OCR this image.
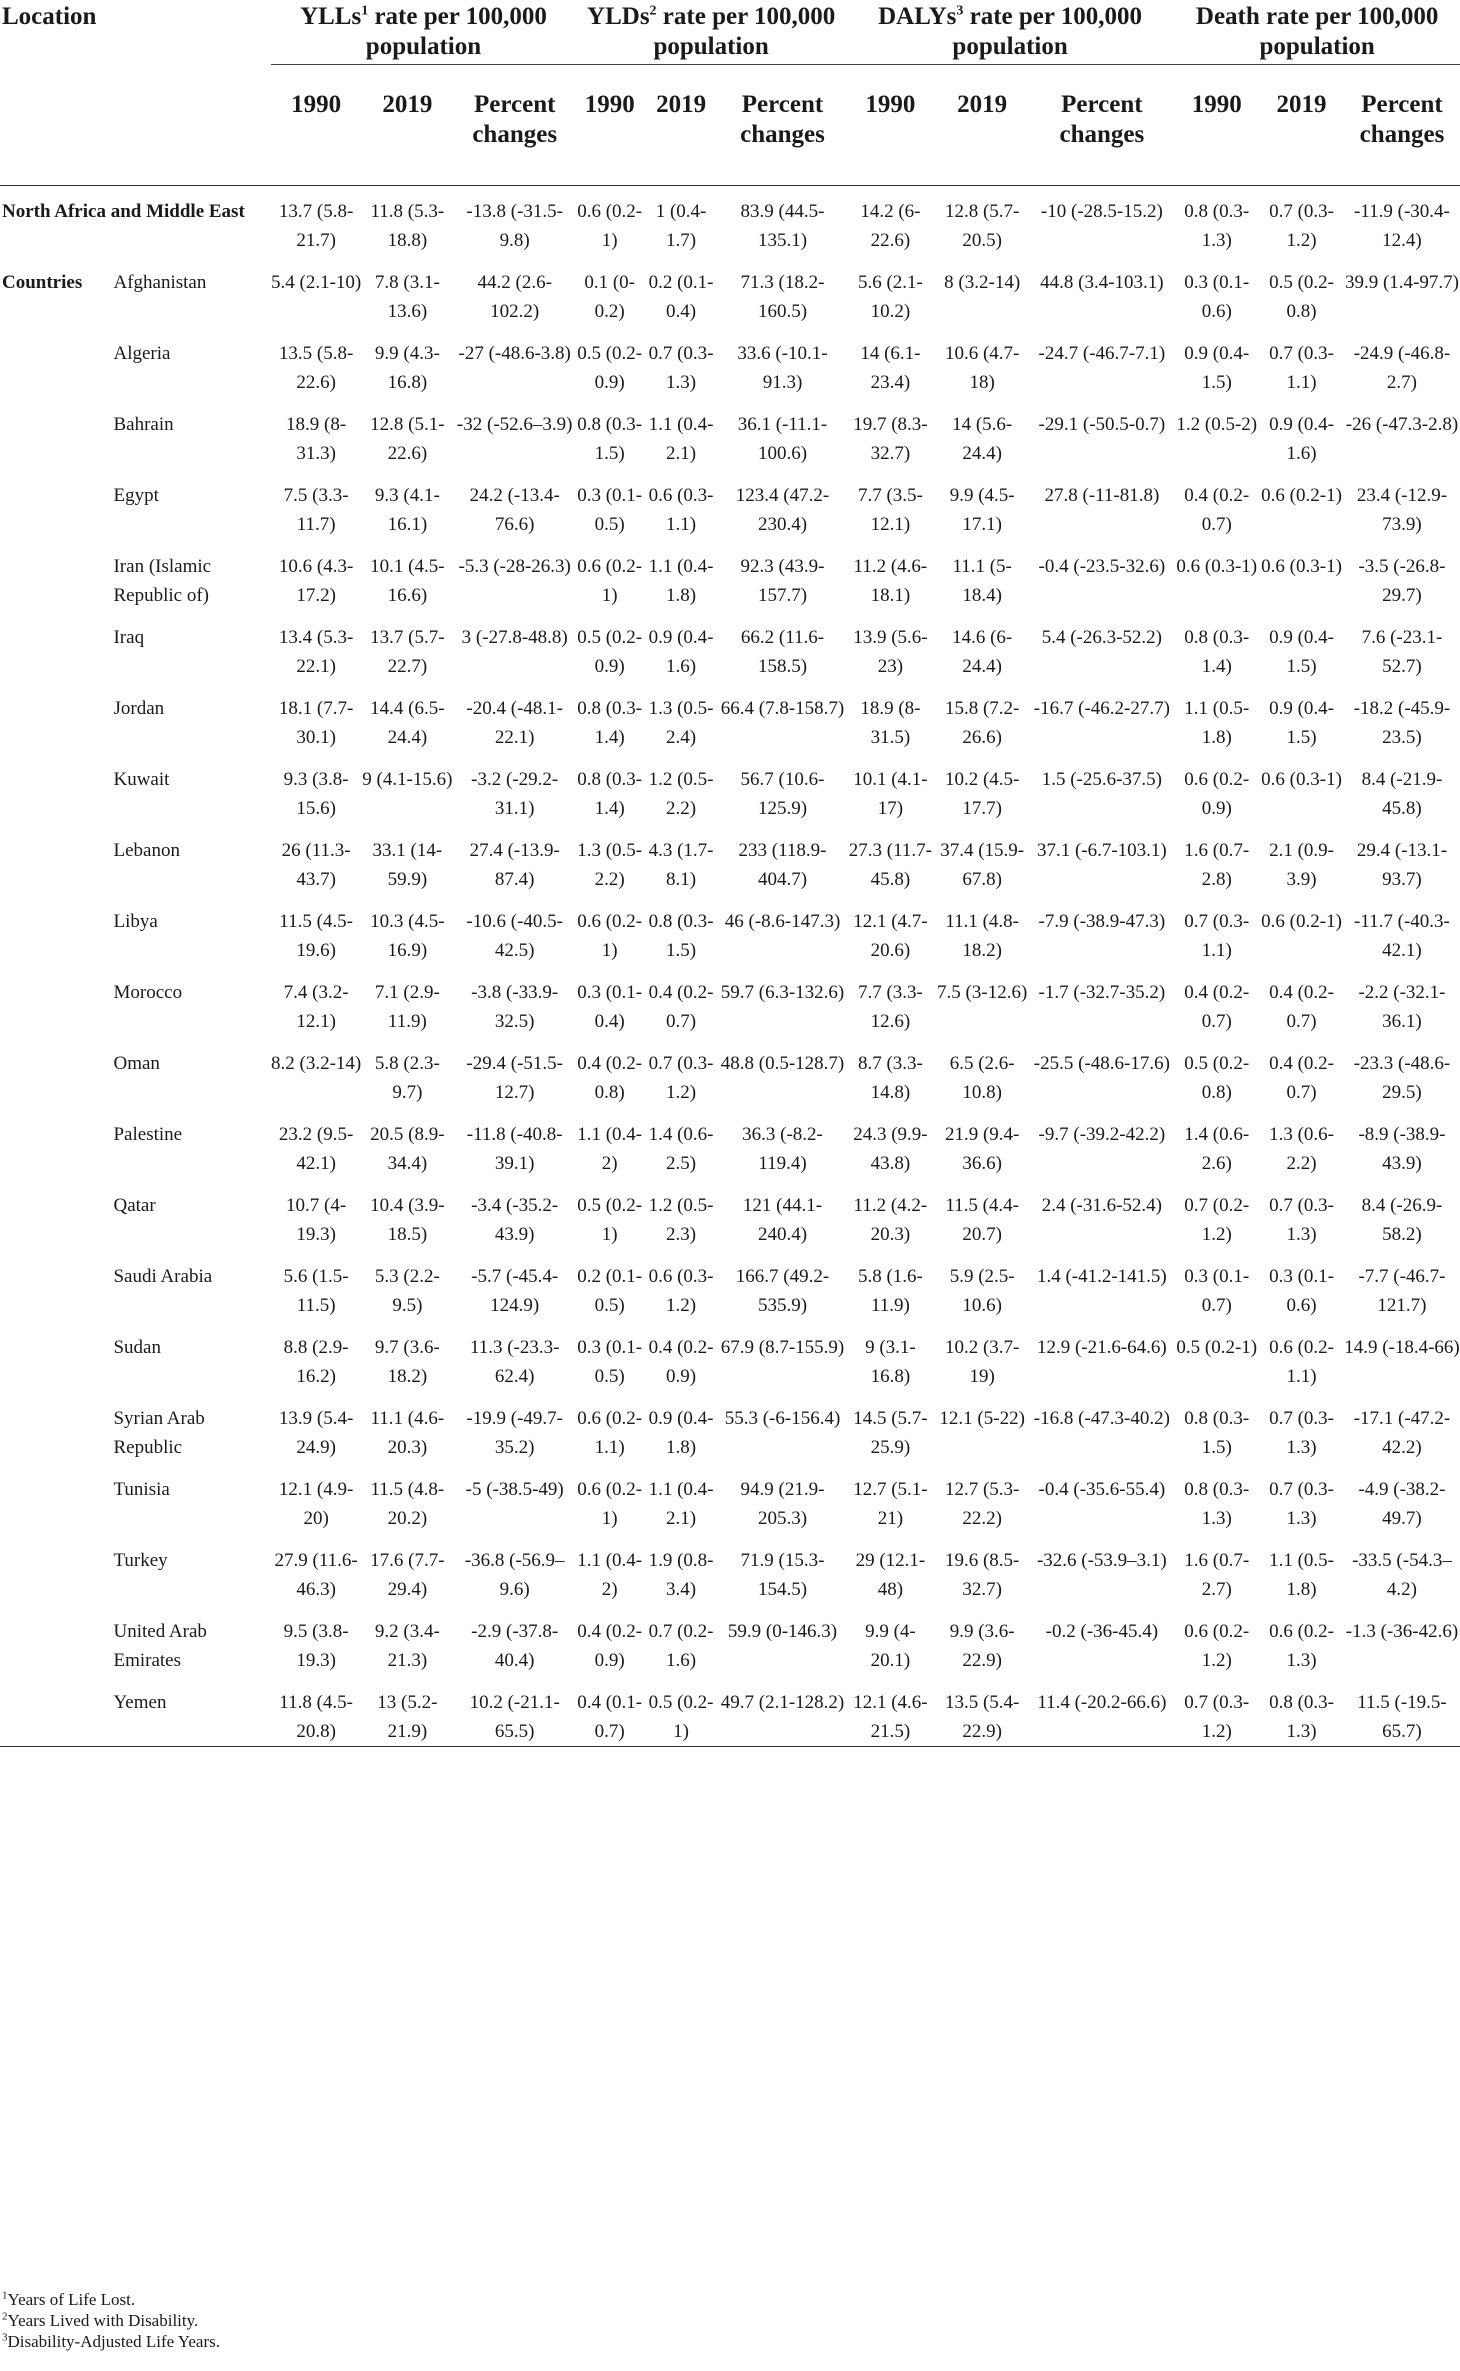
Location		YLLs$^1$ rate per 100,000 population			YLDs$^2$ rate per 100,000 population			DALYs$^3$ rate per 100,000 population			Death rate per 100,000 population		
		1990	2019	Percent changes	1990	2019	Percent changes	1990	2019	Percent changes	1990	2019	Percent changes

North Africa and Middle East		13.7 (5.8-21.7)	11.8 (5.3-18.8)	-13.8 (-31.5-9.8)	0.6 (0.2-1)	1 (0.4-1.7)	83.9 (44.5-135.1)	14.2 (6-22.6)	12.8 (5.7-20.5)	-10 (-28.5-15.2)	0.8 (0.3-1.3)	0.7 (0.3-1.2)	-11.9 (-30.4-12.4)
Countries	Afghanistan	5.4 (2.1-10)	7.8 (3.1-13.6)	44.2 (2.6-102.2)	0.1 (0-0.2)	0.2 (0.1-0.4)	71.3 (18.2-160.5)	5.6 (2.1-10.2)	8 (3.2-14)	44.8 (3.4-103.1)	0.3 (0.1-0.6)	0.5 (0.2-0.8)	39.9 (1.4-97.7)
	Algeria	13.5 (5.8-22.6)	9.9 (4.3-16.8)	-27 (-48.6-3.8)	0.5 (0.2-0.9)	0.7 (0.3-1.3)	33.6 (-10.1-91.3)	14 (6.1-23.4)	10.6 (4.7-18)	-24.7 (-46.7-7.1)	0.9 (0.4-1.5)	0.7 (0.3-1.1)	-24.9 (-46.8-2.7)
	Bahrain	18.9 (8-31.3)	12.8 (5.1-22.6)	-32 (-52.6–3.9)	0.8 (0.3-1.5)	1.1 (0.4-2.1)	36.1 (-11.1-100.6)	19.7 (8.3-32.7)	14 (5.6-24.4)	-29.1 (-50.5-0.7)	1.2 (0.5-2)	0.9 (0.4-1.6)	-26 (-47.3-2.8)
	Egypt	7.5 (3.3-11.7)	9.3 (4.1-16.1)	24.2 (-13.4-76.6)	0.3 (0.1-0.5)	0.6 (0.3-1.1)	123.4 (47.2-230.4)	7.7 (3.5-12.1)	9.9 (4.5-17.1)	27.8 (-11-81.8)	0.4 (0.2-0.7)	0.6 (0.2-1)	23.4 (-12.9-73.9)
	Iran (Islamic Republic of)	10.6 (4.3-17.2)	10.1 (4.5-16.6)	-5.3 (-28-26.3)	0.6 (0.2-1)	1.1 (0.4-1.8)	92.3 (43.9-157.7)	11.2 (4.6-18.1)	11.1 (5-18.4)	-0.4 (-23.5-32.6)	0.6 (0.3-1)	0.6 (0.3-1)	-3.5 (-26.8-29.7)
	Iraq	13.4 (5.3-22.1)	13.7 (5.7-22.7)	3 (-27.8-48.8)	0.5 (0.2-0.9)	0.9 (0.4-1.6)	66.2 (11.6-158.5)	13.9 (5.6-23)	14.6 (6-24.4)	5.4 (-26.3-52.2)	0.8 (0.3-1.4)	0.9 (0.4-1.5)	7.6 (-23.1-52.7)
	Jordan	18.1 (7.7-30.1)	14.4 (6.5-24.4)	-20.4 (-48.1-22.1)	0.8 (0.3-1.4)	1.3 (0.5-2.4)	66.4 (7.8-158.7)	18.9 (8-31.5)	15.8 (7.2-26.6)	-16.7 (-46.2-27.7)	1.1 (0.5-1.8)	0.9 (0.4-1.5)	-18.2 (-45.9-23.5)
	Kuwait	9.3 (3.8-15.6)	9 (4.1-15.6)	-3.2 (-29.2-31.1)	0.8 (0.3-1.4)	1.2 (0.5-2.2)	56.7 (10.6-125.9)	10.1 (4.1-17)	10.2 (4.5-17.7)	1.5 (-25.6-37.5)	0.6 (0.2-0.9)	0.6 (0.3-1)	8.4 (-21.9-45.8)
	Lebanon	26 (11.3-43.7)	33.1 (14-59.9)	27.4 (-13.9-87.4)	1.3 (0.5-2.2)	4.3 (1.7-8.1)	233 (118.9-404.7)	27.3 (11.7-45.8)	37.4 (15.9-67.8)	37.1 (-6.7-103.1)	1.6 (0.7-2.8)	2.1 (0.9-3.9)	29.4 (-13.1-93.7)
	Libya	11.5 (4.5-19.6)	10.3 (4.5-16.9)	-10.6 (-40.5-42.5)	0.6 (0.2-1)	0.8 (0.3-1.5)	46 (-8.6-147.3)	12.1 (4.7-20.6)	11.1 (4.8-18.2)	-7.9 (-38.9-47.3)	0.7 (0.3-1.1)	0.6 (0.2-1)	-11.7 (-40.3-42.1)
	Morocco	7.4 (3.2-12.1)	7.1 (2.9-11.9)	-3.8 (-33.9-32.5)	0.3 (0.1-0.4)	0.4 (0.2-0.7)	59.7 (6.3-132.6)	7.7 (3.3-12.6)	7.5 (3-12.6)	-1.7 (-32.7-35.2)	0.4 (0.2-0.7)	0.4 (0.2-0.7)	-2.2 (-32.1-36.1)
	Oman	8.2 (3.2-14)	5.8 (2.3-9.7)	-29.4 (-51.5-12.7)	0.4 (0.2-0.8)	0.7 (0.3-1.2)	48.8 (0.5-128.7)	8.7 (3.3-14.8)	6.5 (2.6-10.8)	-25.5 (-48.6-17.6)	0.5 (0.2-0.8)	0.4 (0.2-0.7)	-23.3 (-48.6-29.5)
	Palestine	23.2 (9.5-42.1)	20.5 (8.9-34.4)	-11.8 (-40.8-39.1)	1.1 (0.4-2)	1.4 (0.6-2.5)	36.3 (-8.2-119.4)	24.3 (9.9-43.8)	21.9 (9.4-36.6)	-9.7 (-39.2-42.2)	1.4 (0.6-2.6)	1.3 (0.6-2.2)	-8.9 (-38.9-43.9)
	Qatar	10.7 (4-19.3)	10.4 (3.9-18.5)	-3.4 (-35.2-43.9)	0.5 (0.2-1)	1.2 (0.5-2.3)	121 (44.1-240.4)	11.2 (4.2-20.3)	11.5 (4.4-20.7)	2.4 (-31.6-52.4)	0.7 (0.2-1.2)	0.7 (0.3-1.3)	8.4 (-26.9-58.2)
	Saudi Arabia	5.6 (1.5-11.5)	5.3 (2.2-9.5)	-5.7 (-45.4-124.9)	0.2 (0.1-0.5)	0.6 (0.3-1.2)	166.7 (49.2-535.9)	5.8 (1.6-11.9)	5.9 (2.5-10.6)	1.4 (-41.2-141.5)	0.3 (0.1-0.7)	0.3 (0.1-0.6)	-7.7 (-46.7-121.7)
	Sudan	8.8 (2.9-16.2)	9.7 (3.6-18.2)	11.3 (-23.3-62.4)	0.3 (0.1-0.5)	0.4 (0.2-0.9)	67.9 (8.7-155.9)	9 (3.1-16.8)	10.2 (3.7-19)	12.9 (-21.6-64.6)	0.5 (0.2-1)	0.6 (0.2-1.1)	14.9 (-18.4-66)
	Syrian Arab Republic	13.9 (5.4-24.9)	11.1 (4.6-20.3)	-19.9 (-49.7-35.2)	0.6 (0.2-1.1)	0.9 (0.4-1.8)	55.3 (-6-156.4)	14.5 (5.7-25.9)	12.1 (5-22)	-16.8 (-47.3-40.2)	0.8 (0.3-1.5)	0.7 (0.3-1.3)	-17.1 (-47.2-42.2)
	Tunisia	12.1 (4.9-20)	11.5 (4.8-20.2)	-5 (-38.5-49)	0.6 (0.2-1)	1.1 (0.4-2.1)	94.9 (21.9-205.3)	12.7 (5.1-21)	12.7 (5.3-22.2)	-0.4 (-35.6-55.4)	0.8 (0.3-1.3)	0.7 (0.3-1.3)	-4.9 (-38.2-49.7)
	Turkey	27.9 (11.6-46.3)	17.6 (7.7-29.4)	-36.8 (-56.9–9.6)	1.1 (0.4-2)	1.9 (0.8-3.4)	71.9 (15.3-154.5)	29 (12.1-48)	19.6 (8.5-32.7)	-32.6 (-53.9–3.1)	1.6 (0.7-2.7)	1.1 (0.5-1.8)	-33.5 (-54.3–4.2)
	United Arab Emirates	9.5 (3.8-19.3)	9.2 (3.4-21.3)	-2.9 (-37.8-40.4)	0.4 (0.2-0.9)	0.7 (0.2-1.6)	59.9 (0-146.3)	9.9 (4-20.1)	9.9 (3.6-22.9)	-0.2 (-36-45.4)	0.6 (0.2-1.2)	0.6 (0.2-1.3)	-1.3 (-36-42.6)
	Yemen	11.8 (4.5-20.8)	13 (5.2-21.9)	10.2 (-21.1-65.5)	0.4 (0.1-0.7)	0.5 (0.2-1)	49.7 (2.1-128.2)	12.1 (4.6-21.5)	13.5 (5.4-22.9)	11.4 (-20.2-66.6)	0.7 (0.3-1.2)	0.8 (0.3-1.3)	11.5 (-19.5-65.7)

$^1$Years of Life Lost.
$^2$Years Lived with Disability.
$^3$Disability-Adjusted Life Years.
